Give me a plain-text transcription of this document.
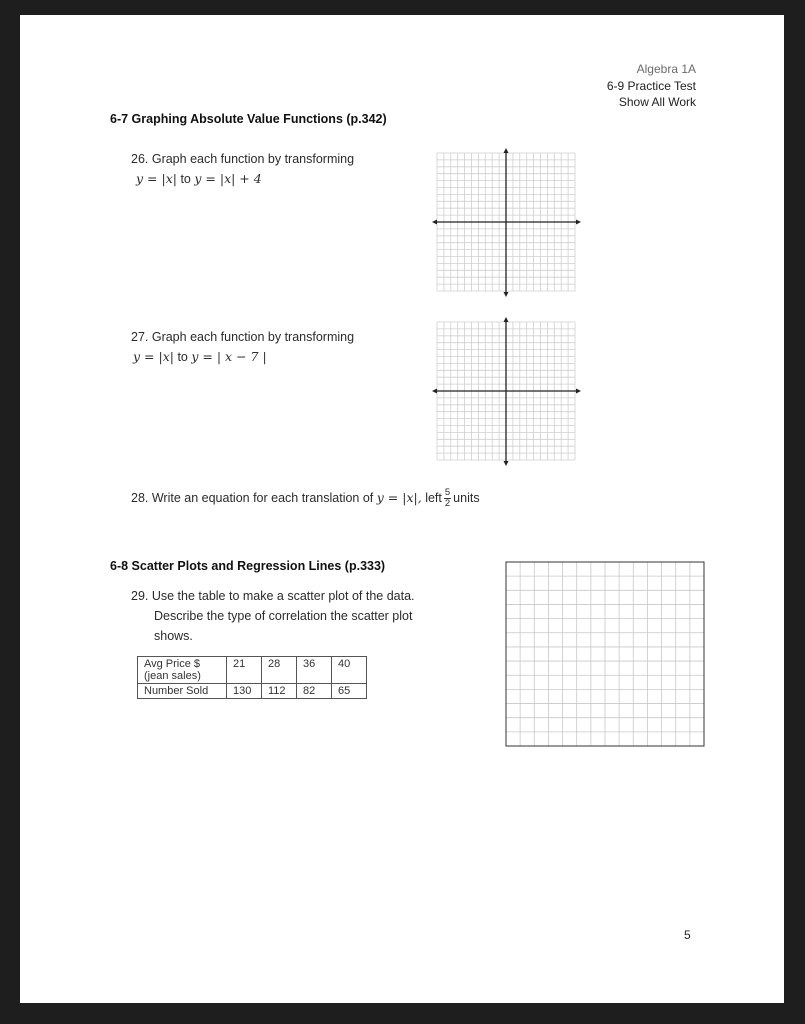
Algebra 1A
6-9 Practice Test
Show All Work
6-7 Graphing Absolute Value Functions (p.342)
26. Graph each function by transforming
y = |x| to y = |x| + 4
27. Graph each function by transforming
y = |x| to y = | x − 7 |
28. Write an equation for each translation of y = |x|, left $\frac{5}{2}$ units
6-8 Scatter Plots and Regression Lines (p.333)
29. Use the table to make a scatter plot of the data.
Describe the type of correlation the scatter plot
shows.
Avg Price $ (jean sales)	21	28	36	40
Number Sold	130	112	82	65
5
